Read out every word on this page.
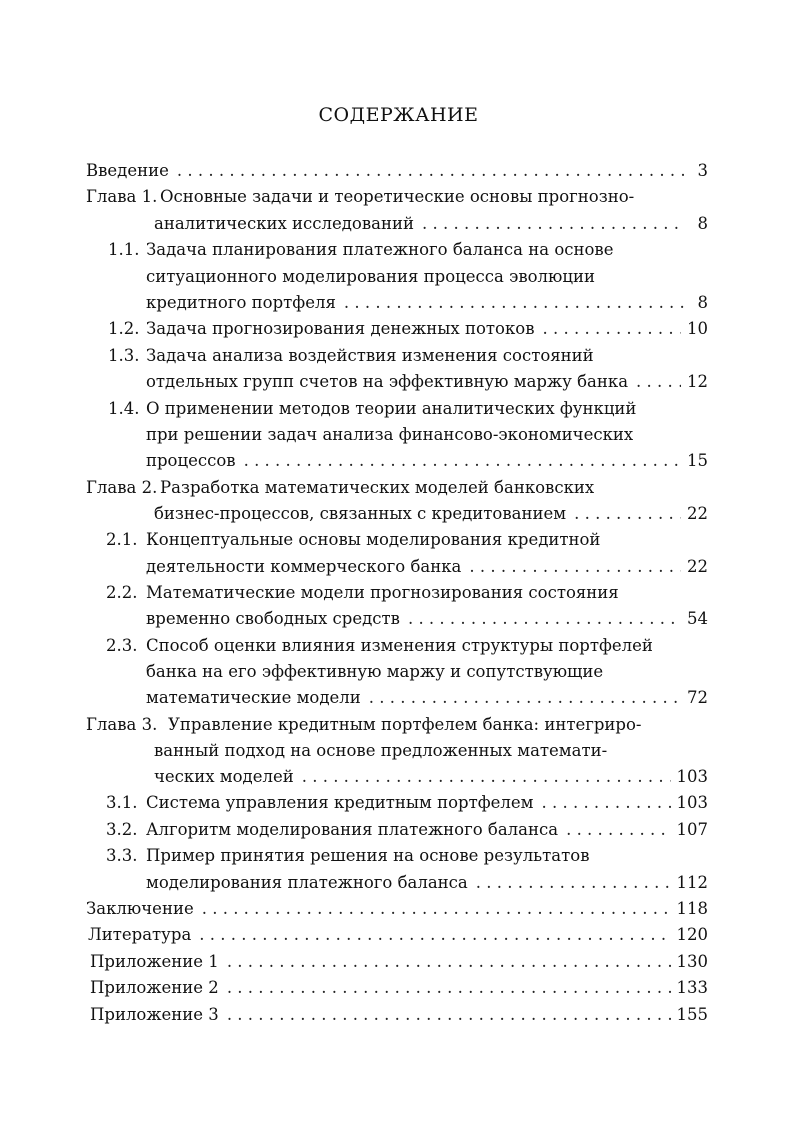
СОДЕРЖАНИЕ
Введение . . .	3
Глава 1. Основные задачи и теоретические основы прогнозно-
аналитических исследований . . .	8
1.1. Задача планирования платежного баланса на основе
ситуационного моделирования процесса эволюции
кредитного портфеля . . .	8
1.2. Задача прогнозирования денежных потоков . . .	10
1.3. Задача анализа воздействия изменения состояний
отдельных групп счетов на эффективную маржу банка . . .	12
1.4. О применении методов теории аналитических функций
при решении задач анализа финансово-экономических
процессов . . .	15
Глава 2. Разработка математических моделей банковских
бизнес-процессов, связанных с кредитованием . . .	22
2.1. Концептуальные основы моделирования кредитной
деятельности коммерческого банка . . .	22
2.2. Математические модели прогнозирования состояния
временно свободных средств . . .	54
2.3. Способ оценки влияния изменения структуры портфелей
банка на его эффективную маржу и сопутствующие
математические модели . . .	72
Глава 3. Управление кредитным портфелем банка: интегриро-
ванный подход на основе предложенных математи-
ческих моделей . . .	103
3.1. Система управления кредитным портфелем . . .	103
3.2. Алгоритм моделирования платежного баланса . . .	107
3.3. Пример принятия решения на основе результатов
моделирования платежного баланса . . .	112
Заключение . . .	118
Литература . . .	120
Приложение 1 . . .	130
Приложение 2 . . .	133
Приложение 3 . . .	155
